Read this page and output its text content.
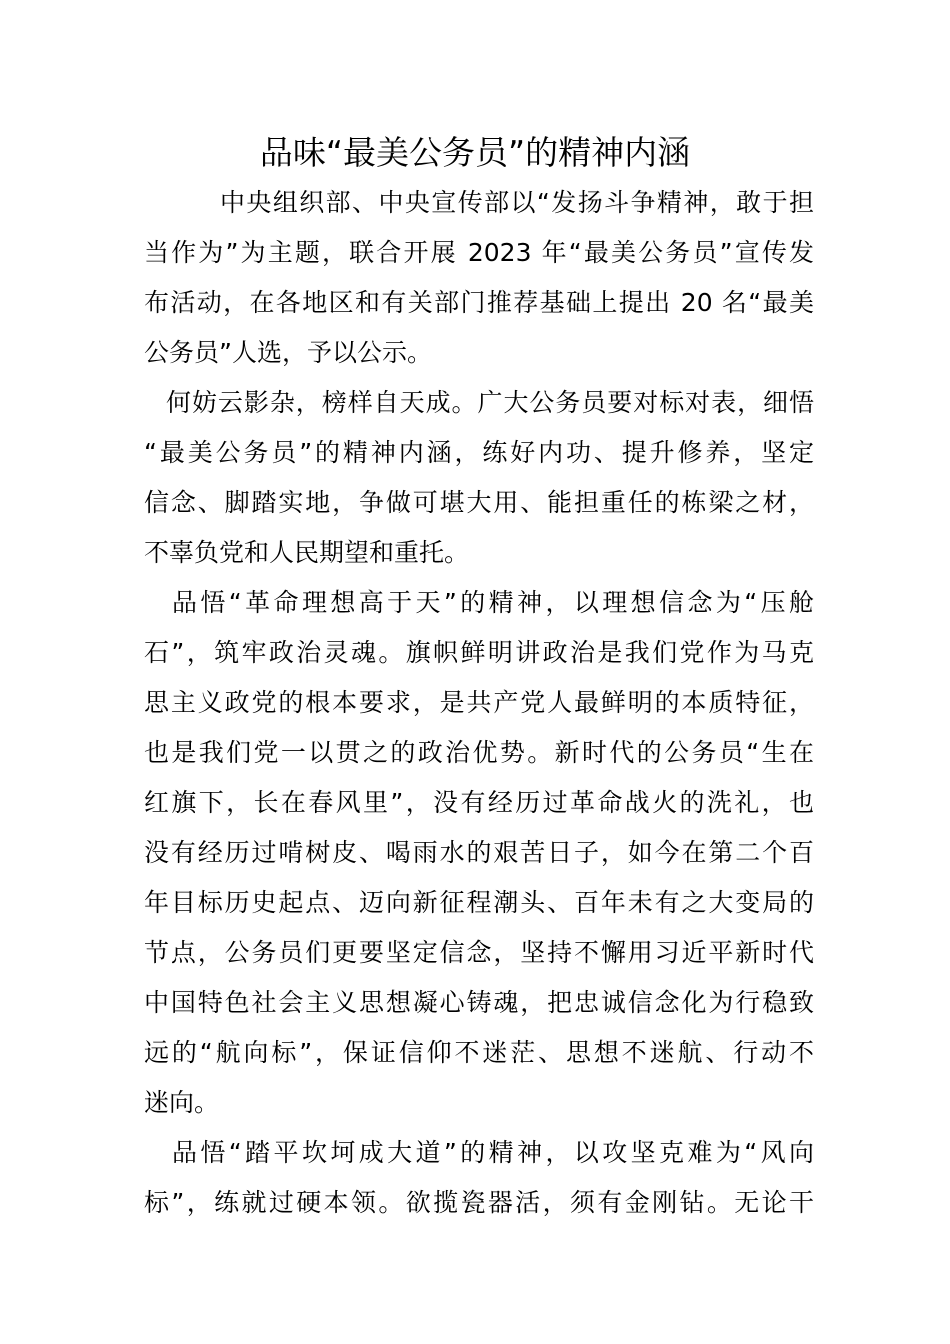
品味“最美公务员”的精神内涵
中央组织部、中央宣传部以“发扬斗争精神，敢于担
当作为”为主题，联合开展 2023 年“最美公务员”宣传发
布活动，在各地区和有关部门推荐基础上提出 20 名“最美
公务员”人选，予以公示。
何妨云影杂，榜样自天成。广大公务员要对标对表，细悟
“最美公务员”的精神内涵，练好内功、提升修养，坚定
信念、脚踏实地，争做可堪大用、能担重任的栋梁之材，
不辜负党和人民期望和重托。
品悟“革命理想高于天”的精神，以理想信念为“压舱
石”，筑牢政治灵魂。旗帜鲜明讲政治是我们党作为马克
思主义政党的根本要求，是共产党人最鲜明的本质特征，
也是我们党一以贯之的政治优势。新时代的公务员“生在
红旗下，长在春风里”，没有经历过革命战火的洗礼，也
没有经历过啃树皮、喝雨水的艰苦日子，如今在第二个百
年目标历史起点、迈向新征程潮头、百年未有之大变局的
节点，公务员们更要坚定信念，坚持不懈用习近平新时代
中国特色社会主义思想凝心铸魂，把忠诚信念化为行稳致
远的“航向标”，保证信仰不迷茫、思想不迷航、行动不
迷向。
品悟“踏平坎坷成大道”的精神，以攻坚克难为“风向
标”，练就过硬本领。欲揽瓷器活，须有金刚钻。无论干
